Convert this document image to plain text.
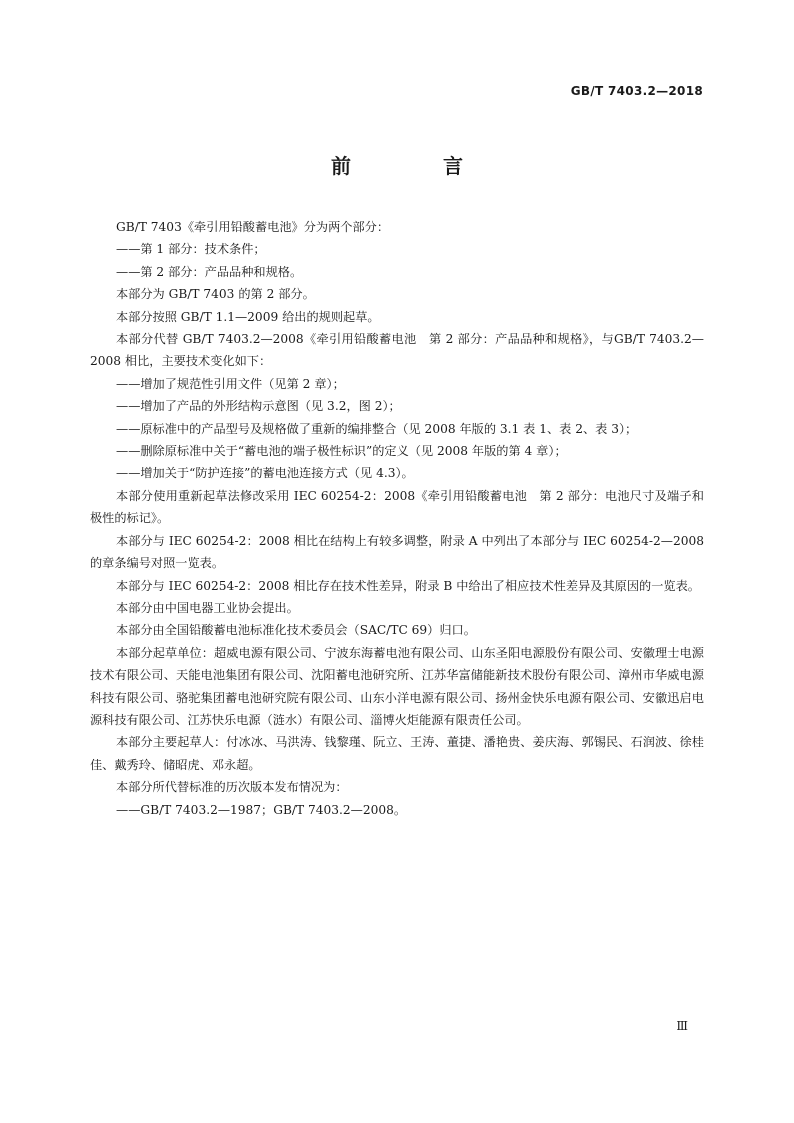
GB/T 7403.2—2018
前　言

GB/T 7403《牵引用铅酸蓄电池》分为两个部分：

——第 1 部分：技术条件；

——第 2 部分：产品品种和规格。

本部分为 GB/T 7403 的第 2 部分。

本部分按照 GB/T 1.1—2009 给出的规则起草。

本部分代替 GB/T 7403.2—2008《牵引用铅酸蓄电池　第 2 部分：产品品种和规格》，与GB/T 7403.2—2008 相比，主要技术变化如下：

——增加了规范性引用文件（见第 2 章）；

——增加了产品的外形结构示意图（见 3.2，图 2）；

——原标准中的产品型号及规格做了重新的编排整合（见 2008 年版的 3.1 表 1、表 2、表 3）；

——删除原标准中关于“蓄电池的端子极性标识”的定义（见 2008 年版的第 4 章）；

——增加关于“防护连接”的蓄电池连接方式（见 4.3）。

本部分使用重新起草法修改采用 IEC 60254-2：2008《牵引用铅酸蓄电池　第 2 部分：电池尺寸及端子和极性的标记》。

本部分与 IEC 60254-2：2008 相比在结构上有较多调整，附录 A 中列出了本部分与 IEC 60254-2—2008 的章条编号对照一览表。

本部分与 IEC 60254-2：2008 相比存在技术性差异，附录 B 中给出了相应技术性差异及其原因的一览表。

本部分由中国电器工业协会提出。

本部分由全国铅酸蓄电池标准化技术委员会（SAC/TC 69）归口。

本部分起草单位：超威电源有限公司、宁波东海蓄电池有限公司、山东圣阳电源股份有限公司、安徽理士电源技术有限公司、天能电池集团有限公司、沈阳蓄电池研究所、江苏华富储能新技术股份有限公司、漳州市华威电源科技有限公司、骆驼集团蓄电池研究院有限公司、山东小洋电源有限公司、扬州金快乐电源有限公司、安徽迅启电源科技有限公司、江苏快乐电源（涟水）有限公司、淄博火炬能源有限责任公司。

本部分主要起草人：付冰冰、马洪涛、钱黎瑾、阮立、王涛、董捷、潘艳贵、姜庆海、郭锡民、石润波、徐桂佳、戴秀玲、储昭虎、邓永超。

本部分所代替标准的历次版本发布情况为：

——GB/T 7403.2—1987；GB/T 7403.2—2008。

Ⅲ
